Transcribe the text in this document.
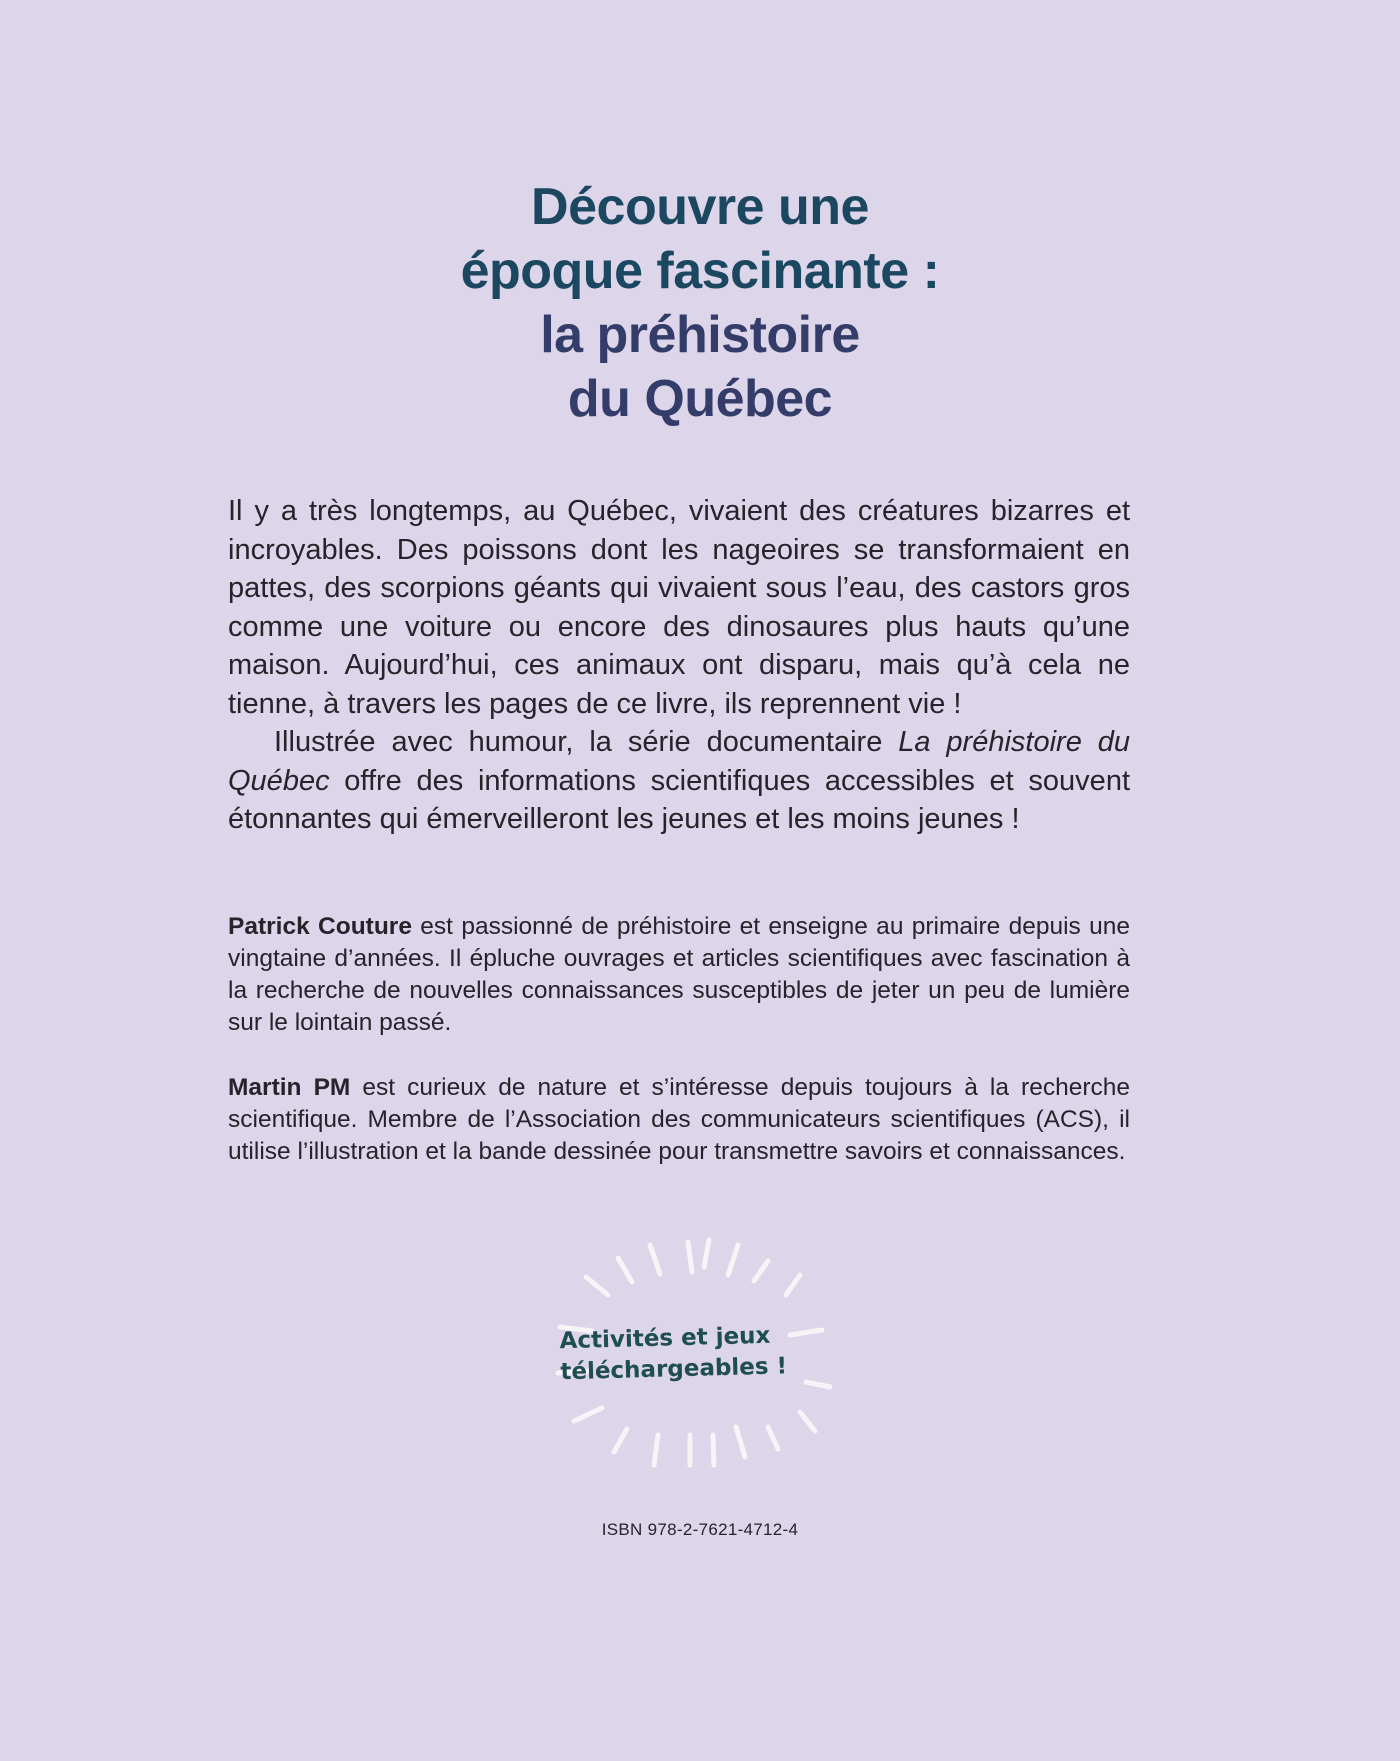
Découvre une
époque fascinante :
la préhistoire
du Québec

Il y a très longtemps, au Québec, vivaient des créatures bizarres et incroyables. Des poissons dont les nageoires se transformaient en pattes, des scorpions géants qui vivaient sous l’eau, des castors gros comme une voiture ou encore des dinosaures plus hauts qu’une maison. Aujourd’hui, ces animaux ont disparu, mais qu’à cela ne tienne, à travers les pages de ce livre, ils reprennent vie !

Illustrée avec humour, la série documentaire La préhistoire du Québec offre des informations scientifiques accessibles et souvent étonnantes qui émerveilleront les jeunes et les moins jeunes !

Patrick Couture est passionné de préhistoire et enseigne au primaire depuis une vingtaine d’années. Il épluche ouvrages et articles scientifiques avec fascination à la recherche de nouvelles connaissances susceptibles de jeter un peu de lumière sur le lointain passé.

Martin PM est curieux de nature et s’intéresse depuis toujours à la recherche scientifique. Membre de l’Association des communicateurs scientifiques (ACS), il utilise l’illustration et la bande dessinée pour transmettre savoirs et connaissances.

Activités et jeux
téléchargeables !
ISBN 978-2-7621-4712-4
